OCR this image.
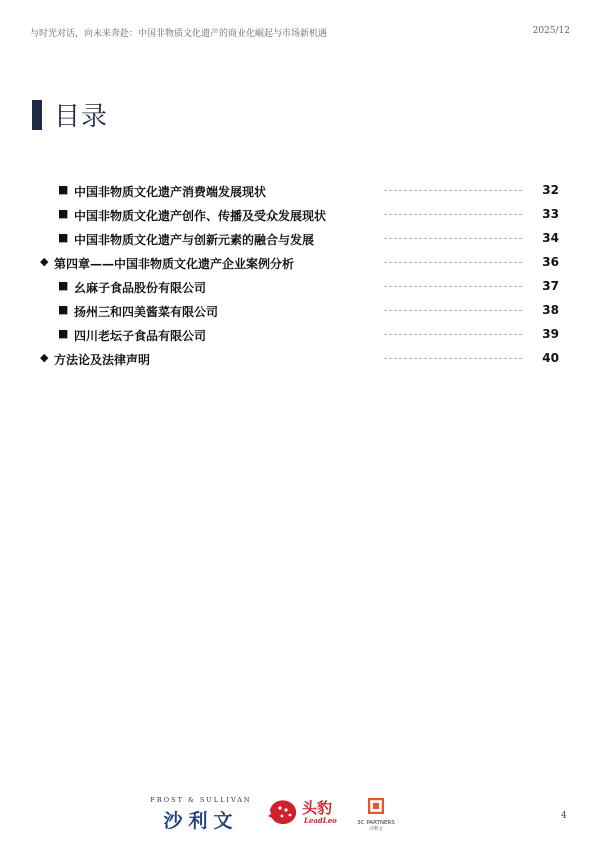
与时光对话，向未来奔赴：中国非物质文化遗产的商业化崛起与市场新机遇	2025/12
目录
■ 中国非物质文化遗产消费端发展现状	32
■ 中国非物质文化遗产创作、传播及受众发展现状	33
■ 中国非物质文化遗产与创新元素的融合与发展	34
◆ 第四章——中国非物质文化遗产企业案例分析	36
■ 幺麻子食品股份有限公司	37
■ 扬州三和四美酱菜有限公司	38
■ 四川老坛子食品有限公司	39
◆ 方法论及法律声明	40
FROST & SULLIVAN
沙利文
头豹
LeadLeo	3C PARTNERS
沙利文
4
